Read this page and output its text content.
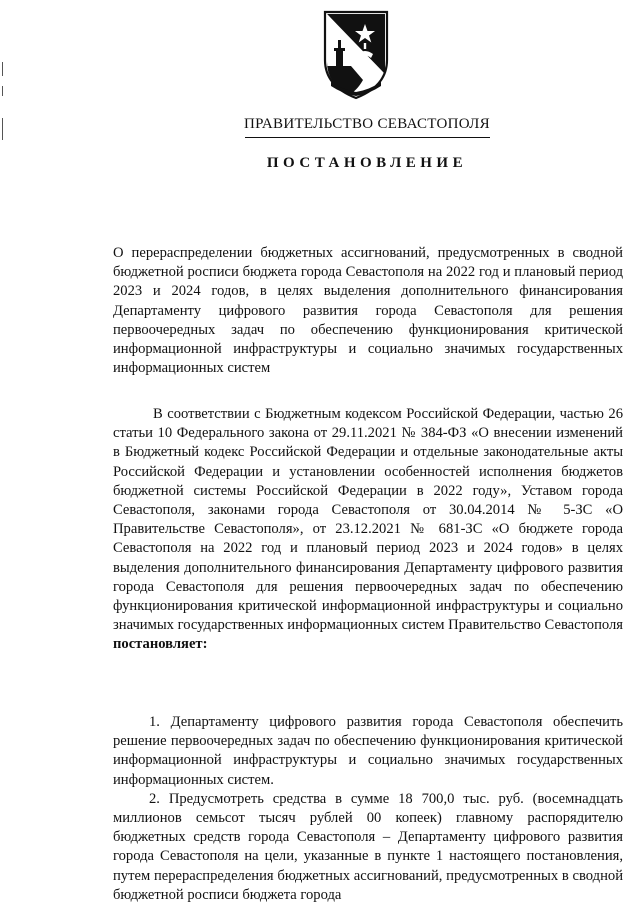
ПРАВИТЕЛЬСТВО СЕВАСТОПОЛЯ
ПОСТАНОВЛЕНИЕ
О перераспределении бюджетных ассигнований, предусмотренных в сводной бюджетной росписи бюджета города Севастополя на 2022 год и плановый период 2023 и 2024 годов, в целях выделения дополнительного финансирования Департаменту цифрового развития города Севастополя для решения первоочередных задач по обеспечению функционирования критической информационной инфраструктуры и социально значимых государственных информационных систем

В соответствии с Бюджетным кодексом Российской Федерации, частью 26 статьи 10 Федерального закона от 29.11.2021 № 384-ФЗ «О внесении изменений в Бюджетный кодекс Российской Федерации и отдельные законодательные акты Российской Федерации и установлении особенностей исполнения бюджетов бюджетной системы Российской Федерации в 2022 году», Уставом города Севастополя, законами города Севастополя от 30.04.2014 № 5-ЗС «О Правительстве Севастополя», от 23.12.2021 № 681-ЗС «О бюджете города Севастополя на 2022 год и плановый период 2023 и 2024 годов» в целях выделения дополнительного финансирования Департаменту цифрового развития города Севастополя для решения первоочередных задач по обеспечению функционирования критической информационной инфраструктуры и социально значимых государственных информационных систем Правительство Севастополя постановляет:

1. Департаменту цифрового развития города Севастополя обеспечить решение первоочередных задач по обеспечению функционирования критической информационной инфраструктуры и социально значимых государственных информационных систем.

2. Предусмотреть средства в сумме 18 700,0 тыс. руб. (восемнадцать миллионов семьсот тысяч рублей 00 копеек) главному распорядителю бюджетных средств города Севастополя – Департаменту цифрового развития города Севастополя на цели, указанные в пункте 1 настоящего постановления, путем перераспределения бюджетных ассигнований, предусмотренных в сводной бюджетной росписи бюджета города
